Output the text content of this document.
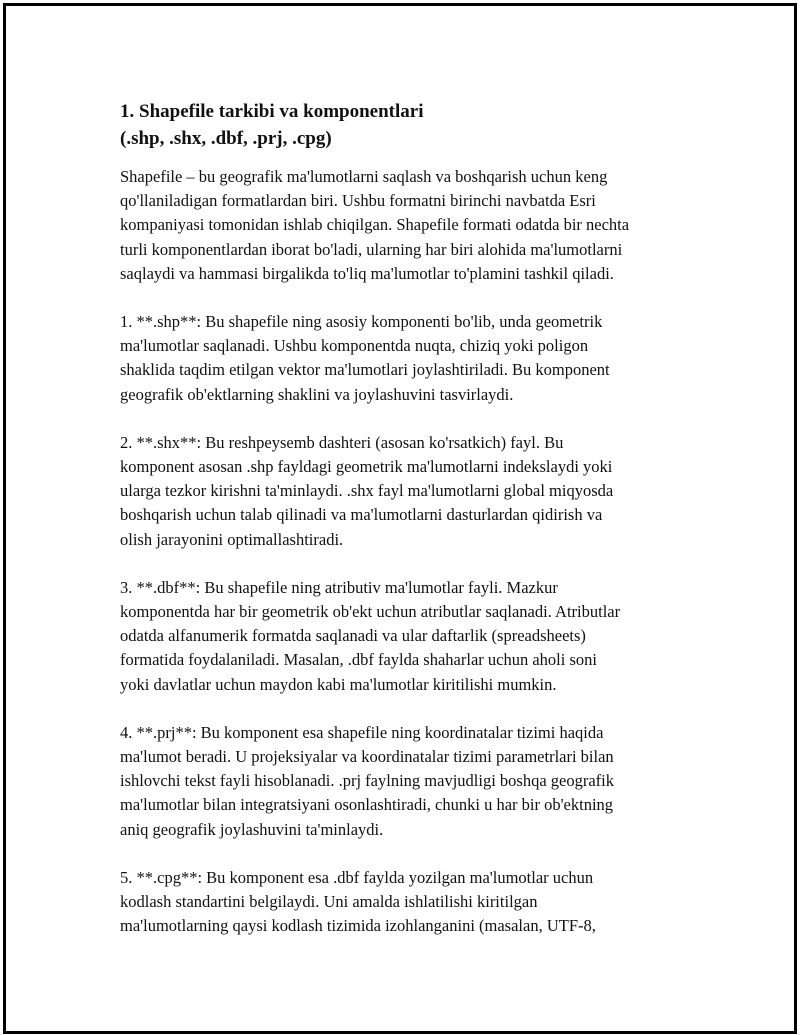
1. Shapefile tarkibi va komponentlari
(.shp, .shx, .dbf, .prj, .cpg)

Shapefile – bu geografik ma'lumotlarni saqlash va boshqarish uchun keng
qo'llaniladigan formatlardan biri. Ushbu formatni birinchi navbatda Esri
kompaniyasi tomonidan ishlab chiqilgan. Shapefile formati odatda bir nechta
turli komponentlardan iborat bo'ladi, ularning har biri alohida ma'lumotlarni
saqlaydi va hammasi birgalikda to'liq ma'lumotlar to'plamini tashkil qiladi.

1. **.shp**: Bu shapefile ning asosiy komponenti bo'lib, unda geometrik
ma'lumotlar saqlanadi. Ushbu komponentda nuqta, chiziq yoki poligon
shaklida taqdim etilgan vektor ma'lumotlari joylashtiriladi. Bu komponent
geografik ob'ektlarning shaklini va joylashuvini tasvirlaydi.

2. **.shx**: Bu reshpeysemb dashteri (asosan ko'rsatkich) fayl. Bu
komponent asosan .shp fayldagi geometrik ma'lumotlarni indekslaydi yoki
ularga tezkor kirishni ta'minlaydi. .shx fayl ma'lumotlarni global miqyosda
boshqarish uchun talab qilinadi va ma'lumotlarni dasturlardan qidirish va
olish jarayonini optimallashtiradi.

3. **.dbf**: Bu shapefile ning atributiv ma'lumotlar fayli. Mazkur
komponentda har bir geometrik ob'ekt uchun atributlar saqlanadi. Atributlar
odatda alfanumerik formatda saqlanadi va ular daftarlik (spreadsheets)
formatida foydalaniladi. Masalan, .dbf faylda shaharlar uchun aholi soni
yoki davlatlar uchun maydon kabi ma'lumotlar kiritilishi mumkin.

4. **.prj**: Bu komponent esa shapefile ning koordinatalar tizimi haqida
ma'lumot beradi. U projeksiyalar va koordinatalar tizimi parametrlari bilan
ishlovchi tekst fayli hisoblanadi. .prj faylning mavjudligi boshqa geografik
ma'lumotlar bilan integratsiyani osonlashtiradi, chunki u har bir ob'ektning
aniq geografik joylashuvini ta'minlaydi.

5. **.cpg**: Bu komponent esa .dbf faylda yozilgan ma'lumotlar uchun
kodlash standartini belgilaydi. Uni amalda ishlatilishi kiritilgan
ma'lumotlarning qaysi kodlash tizimida izohlanganini (masalan, UTF-8,
